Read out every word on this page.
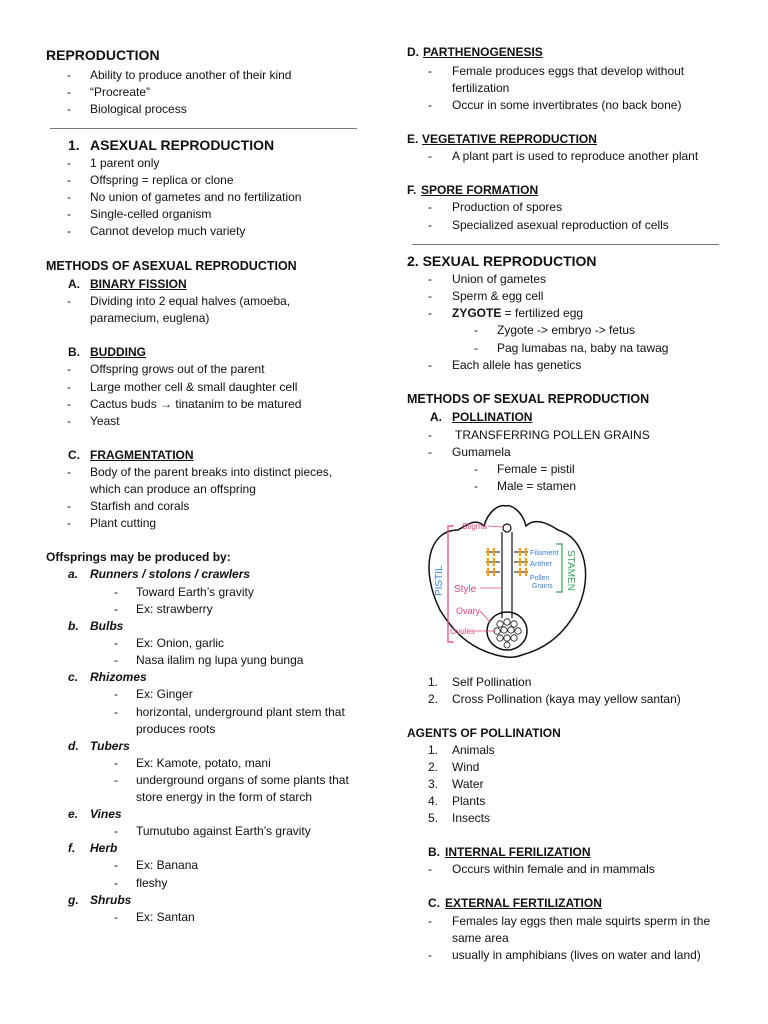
REPRODUCTION
- Ability to produce another of their kind
- “Procreate”
- Biological process
1. ASEXUAL REPRODUCTION
- 1 parent only
- Offspring = replica or clone
- No union of gametes and no fertilization
- Single-celled organism
- Cannot develop much variety
METHODS OF ASEXUAL REPRODUCTION
A. BINARY FISSION
- Dividing into 2 equal halves (amoeba,
paramecium, euglena)
B. BUDDING
- Offspring grows out of the parent
- Large mother cell & small daughter cell
- Cactus buds → tinatanim to be matured
- Yeast
C. FRAGMENTATION
- Body of the parent breaks into distinct pieces,
which can produce an offspring
- Starfish and corals
- Plant cutting
Offsprings may be produced by:
a. Runners / stolons / crawlers
- Toward Earth’s gravity
- Ex: strawberry
b. Bulbs
- Ex: Onion, garlic
- Nasa ilalim ng lupa yung bunga
c. Rhizomes
- Ex: Ginger
- horizontal, underground plant stem that
produces roots
d. Tubers
- Ex: Kamote, potato, mani
- underground organs of some plants that
store energy in the form of starch
e. Vines
- Tumutubo against Earth’s gravity
f. Herb
- Ex: Banana
- fleshy
g. Shrubs
- Ex: Santan
D. PARTHENOGENESIS
- Female produces eggs that develop without
fertilization
- Occur in some invertibrates (no back bone)
E. VEGETATIVE REPRODUCTION
- A plant part is used to reproduce another plant
F. SPORE FORMATION
- Production of spores
- Specialized asexual reproduction of cells
2. SEXUAL REPRODUCTION
- Union of gametes
- Sperm & egg cell
- ZYGOTE = fertilized egg
- Zygote -> embryo -> fetus
- Pag lumabas na, baby na tawag
- Each allele has genetics
METHODS OF SEXUAL REPRODUCTION
A. POLLINATION
- TRANSFERRING POLLEN GRAINS
- Gumamela
- Female = pistil
- Male = stamen
PISTIL	STAMEN
Stigma
Filament
Anther
Pollen
Grains
Style
Ovary
Ovules
1. Self Pollination
2. Cross Pollination (kaya may yellow santan)
AGENTS OF POLLINATION
1. Animals
2. Wind
3. Water
4. Plants
5. Insects
B. INTERNAL FERILIZATION
- Occurs within female and in mammals
C. EXTERNAL FERTILIZATION
- Females lay eggs then male squirts sperm in the
same area
- usually in amphibians (lives on water and land)
